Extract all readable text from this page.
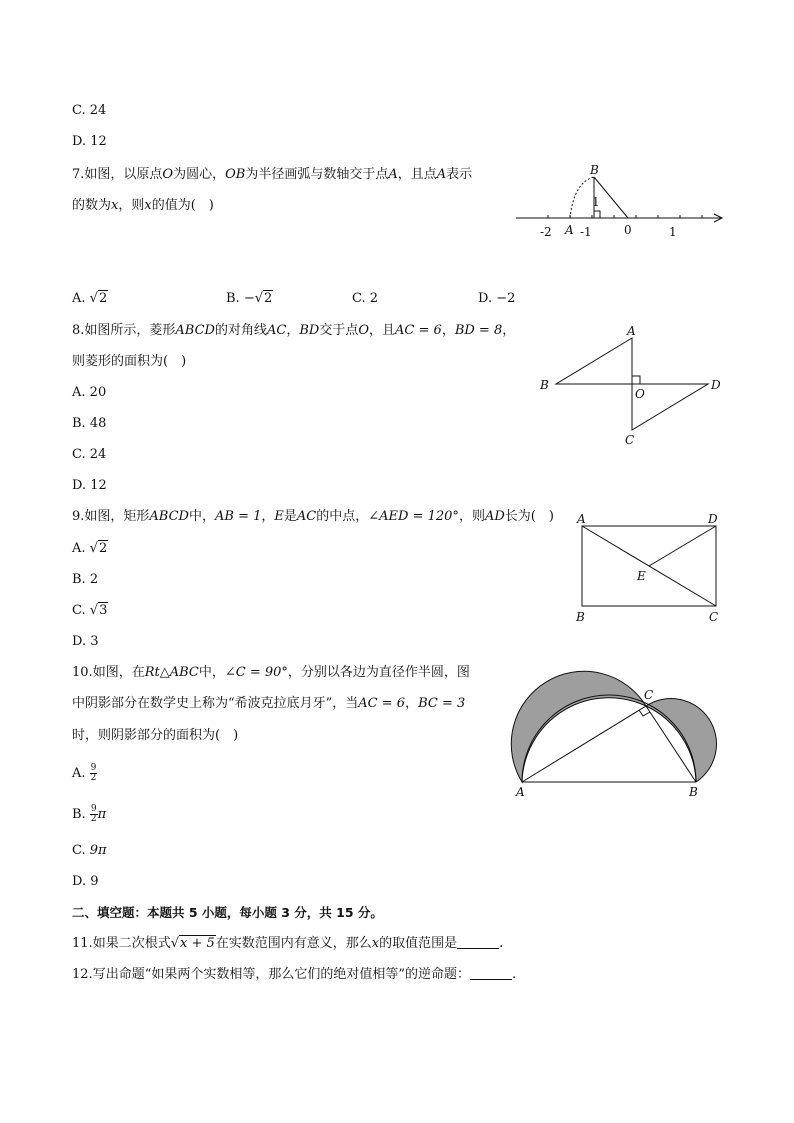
C. 24
D. 12
7.如图，以原点O为圆心，OB为半径画弧与数轴交于点A，且点A表示
的数为x，则x的值为(　)
B
1
-2 A -1	0	1
A. √2	B. −√2	C. 2	D. −2
8.如图所示，菱形ABCD的对角线AC，BD交于点O，且AC = 6，BD = 8，
则菱形的面积为(　)
A
B	D
O
C
A. 20
B. 48
C. 24
D. 12
9.如图，矩形ABCD中，AB = 1，E是AC的中点，∠AED = 120°，则AD长为(　) A	D
E
B	C
A. √2
B. 2
C. √3
D. 3
10.如图，在Rt△ABC中，∠C = 90°，分别以各边为直径作半圆，图
中阴影部分在数学史上称为“希波克拉底月牙”，当AC = 6，BC = 3
时，则阴影部分的面积为(　)
C
A	B
A. $\frac{9}{2}$
B. $\frac{9}{2}$ π
C. 9π
D. 9
二、填空题：本题共 5 小题，每小题 3 分，共 15 分。
11.如果二次根式√x + 5在实数范围内有意义，那么x的取值范围是	.
12.写出命题“如果两个实数相等，那么它们的绝对值相等”的逆命题：	.
